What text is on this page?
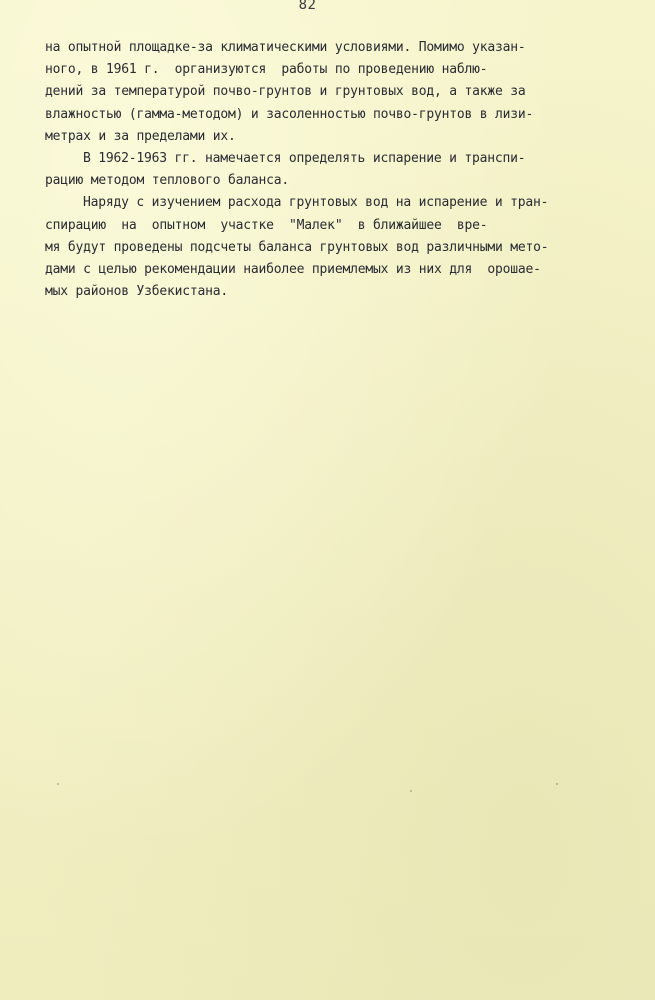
82
на опытной площадке-за климатическими условиями. Помимо указан-
ного, в 1961 г.  организуются  работы по проведению наблю-
дений за температурой почво-грунтов и грунтовых вод, а также за
влажностью (гамма-методом) и засоленностью почво-грунтов в лизи-
метрах и за пределами их.
В 1962-1963 гг. намечается определять испарение и транспи-
рацию методом теплового баланса.
Наряду с изучением расхода грунтовых вод на испарение и тран-
спирацию  на  опытном  участке  "Малек"  в ближайшее  вре-
мя будут проведены подсчеты баланса грунтовых вод различными мето-
дами с целью рекомендации наиболее приемлемых из них для  орошае-
мых районов Узбекистана.
